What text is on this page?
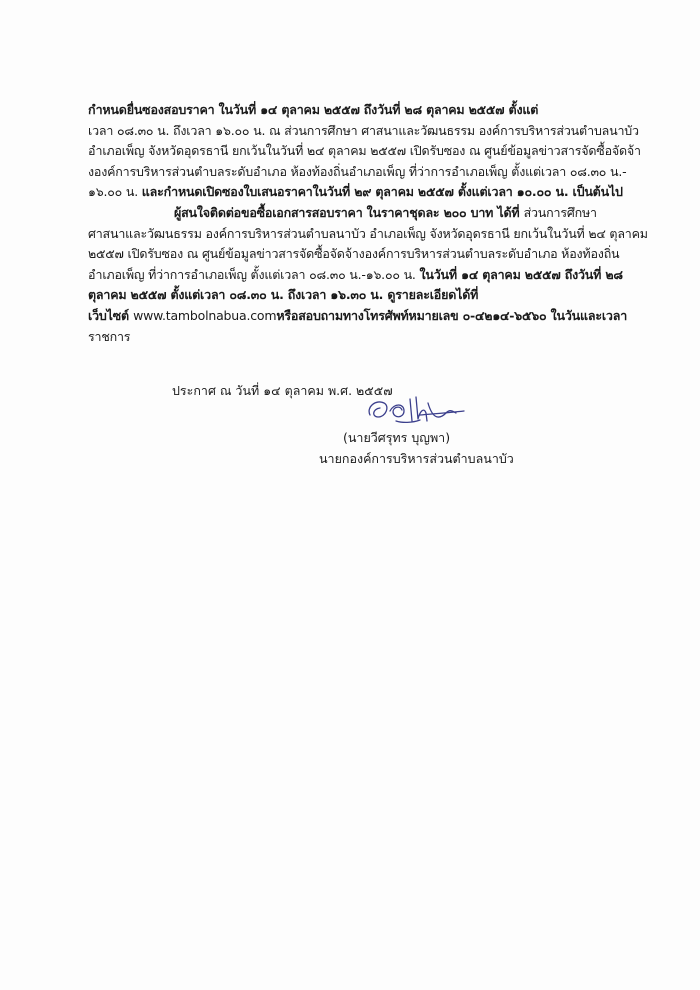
กำหนดยื่นซองสอบราคา ในวันที่ ๑๔ ตุลาคม ๒๕๕๗ ถึงวันที่ ๒๘ ตุลาคม ๒๕๕๗ ตั้งแต่
เวลา ๐๘.๓๐ น. ถึงเวลา ๑๖.๐๐ น. ณ ส่วนการศึกษา ศาสนาและวัฒนธรรม องค์การบริหารส่วนตำบลนาบัว
อำเภอเพ็ญ จังหวัดอุดรธานี ยกเว้นในวันที่ ๒๔ ตุลาคม ๒๕๕๗ เปิดรับซอง ณ ศูนย์ข้อมูลข่าวสารจัดซื้อจัดจ้า
งองค์การบริหารส่วนตำบลระดับอำเภอ ห้องท้องถิ่นอำเภอเพ็ญ ที่ว่าการอำเภอเพ็ญ ตั้งแต่เวลา ๐๘.๓๐ น.-
๑๖.๐๐ น. และกำหนดเปิดซองใบเสนอราคาในวันที่ ๒๙ ตุลาคม ๒๕๕๗ ตั้งแต่เวลา ๑๐.๐๐ น. เป็นต้นไป
ผู้สนใจติดต่อขอซื้อเอกสารสอบราคา ในราคาชุดละ ๒๐๐ บาท ได้ที่ ส่วนการศึกษา
ศาสนาและวัฒนธรรม องค์การบริหารส่วนตำบลนาบัว อำเภอเพ็ญ จังหวัดอุดรธานี ยกเว้นในวันที่ ๒๔ ตุลาคม
๒๕๕๗ เปิดรับซอง ณ ศูนย์ข้อมูลข่าวสารจัดซื้อจัดจ้างองค์การบริหารส่วนตำบลระดับอำเภอ ห้องท้องถิ่น
อำเภอเพ็ญ ที่ว่าการอำเภอเพ็ญ ตั้งแต่เวลา ๐๘.๓๐ น.-๑๖.๐๐ น. ในวันที่ ๑๔ ตุลาคม ๒๕๕๗ ถึงวันที่ ๒๘
ตุลาคม ๒๕๕๗ ตั้งแต่เวลา ๐๘.๓๐ น. ถึงเวลา ๑๖.๓๐ น. ดูรายละเอียดได้ที่
เว็บไซต์ www.tambolnabua.comหรือสอบถามทางโทรศัพท์หมายเลข ๐-๔๒๑๔-๖๕๖๐ ในวันและเวลา
ราชการ
ประกาศ ณ วันที่ ๑๔ ตุลาคม พ.ศ. ๒๕๕๗
(นายวีศรุทร บุญพา)
นายกองค์การบริหารส่วนตำบลนาบัว
